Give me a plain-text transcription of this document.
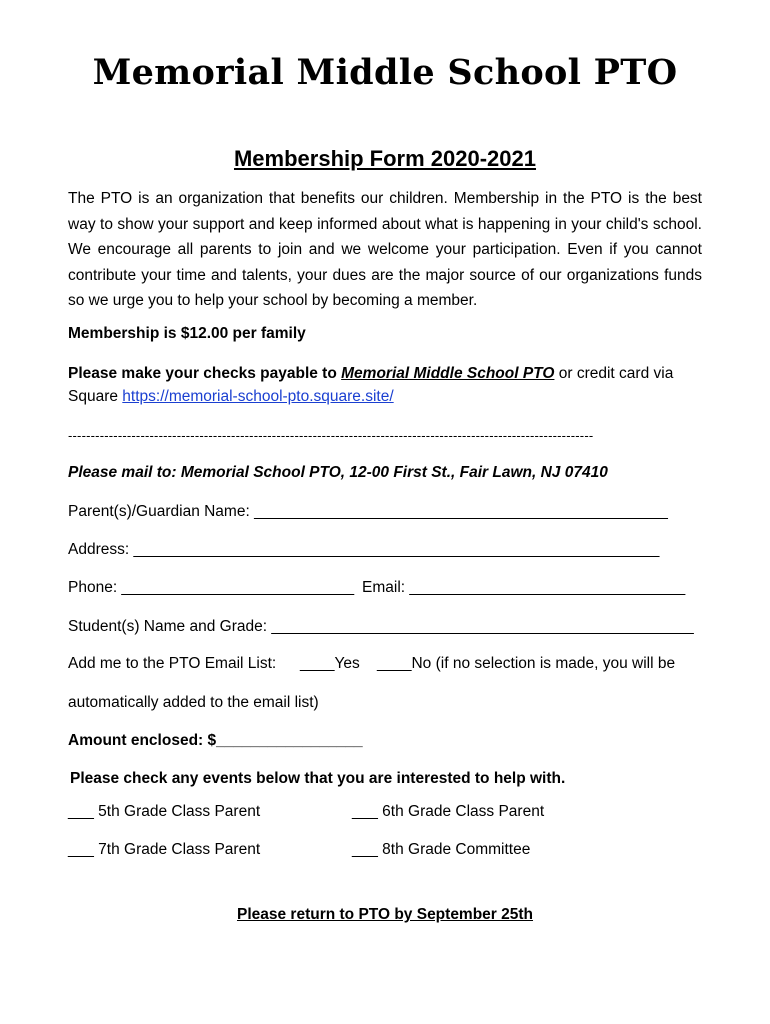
Memorial Middle School PTO
Membership Form 2020-2021
The PTO is an organization that benefits our children. Membership in the PTO is the best way to show your support and keep informed about what is happening in your child's school. We encourage all parents to join and we welcome your participation. Even if you cannot contribute your time and talents, your dues are the major source of our organizations funds so we urge you to help your school by becoming a member.
Membership is $12.00 per family
Please make your checks payable to Memorial Middle School PTO or credit card via
Square https://memorial-school-pto.square.site/
--------------------------------------------------------------------------------------------------------------------
Please mail to: Memorial School PTO, 12-00 First St., Fair Lawn, NJ 07410
Parent(s)/Guardian Name: ________________________________________________
Address: _____________________________________________________________
Phone: ___________________________ Email: ________________________________
Student(s) Name and Grade: _________________________________________________
Add me to the PTO Email List: ____Yes ____No (if no selection is made, you will be
automatically added to the email list)
Amount enclosed: $_________________
Please check any events below that you are interested to help with.
___ 5th Grade Class Parent	___ 6th Grade Class Parent
___ 7th Grade Class Parent	___ 8th Grade Committee
Please return to PTO by September 25th
